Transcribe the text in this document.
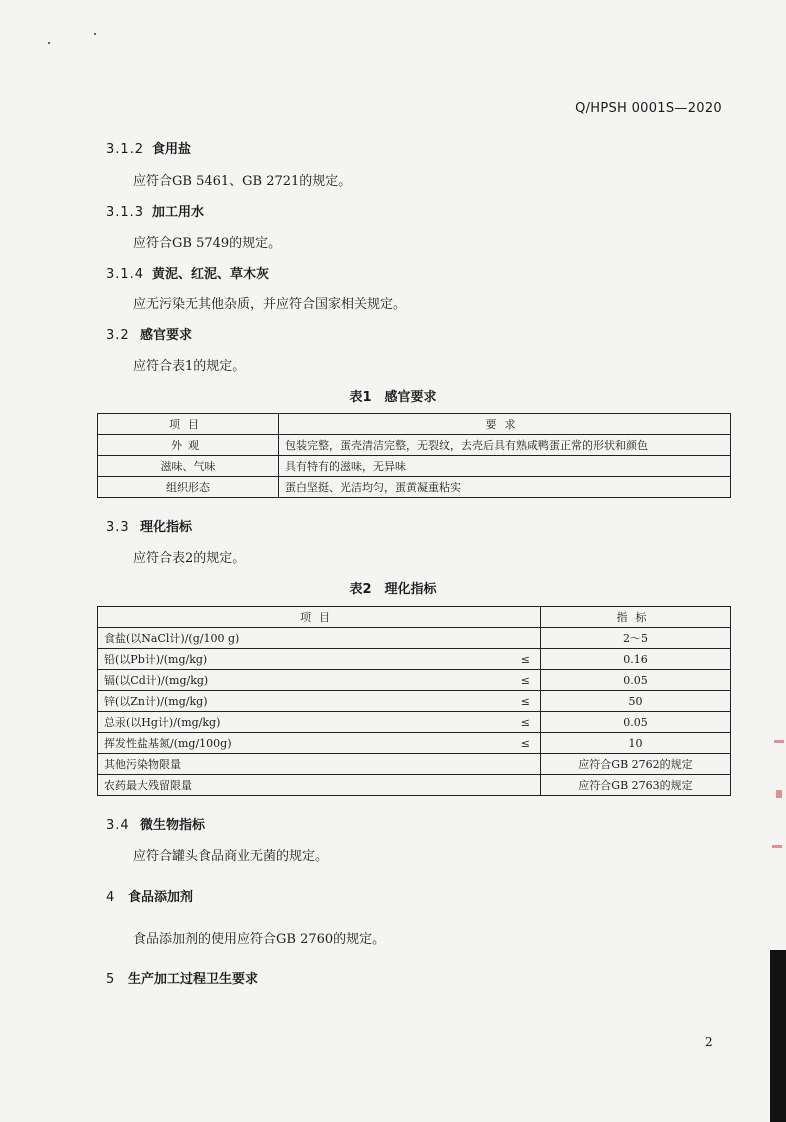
Q/HPSH 0001S—2020
3.1.2 食用盐
应符合GB 5461、GB 2721的规定。
3.1.3 加工用水
应符合GB 5749的规定。
3.1.4 黄泥、红泥、草木灰
应无污染无其他杂质，并应符合国家相关规定。
3.2 感官要求
应符合表1的规定。
表1　感官要求
项目	要求
外观	包装完整，蛋壳清洁完整，无裂纹，去壳后具有熟咸鸭蛋正常的形状和颜色
滋味、气味	具有特有的滋味，无异味
组织形态	蛋白坚挺、光洁均匀，蛋黄凝重粘实
3.3 理化指标
应符合表2的规定。
表2　理化指标
项目		指标
食盐(以NaCl计)/(g/100 g)		2～5
铅(以Pb计)/(mg/kg)	≤	0.16
镉(以Cd计)/(mg/kg)	≤	0.05
锌(以Zn计)/(mg/kg)	≤	50
总汞(以Hg计)/(mg/kg)	≤	0.05
挥发性盐基氮/(mg/100g)	≤	10
其他污染物限量		应符合GB 2762的规定
农药最大残留限量		应符合GB 2763的规定
3.4 微生物指标
应符合罐头食品商业无菌的规定。
4 食品添加剂
食品添加剂的使用应符合GB 2760的规定。
5 生产加工过程卫生要求
2
